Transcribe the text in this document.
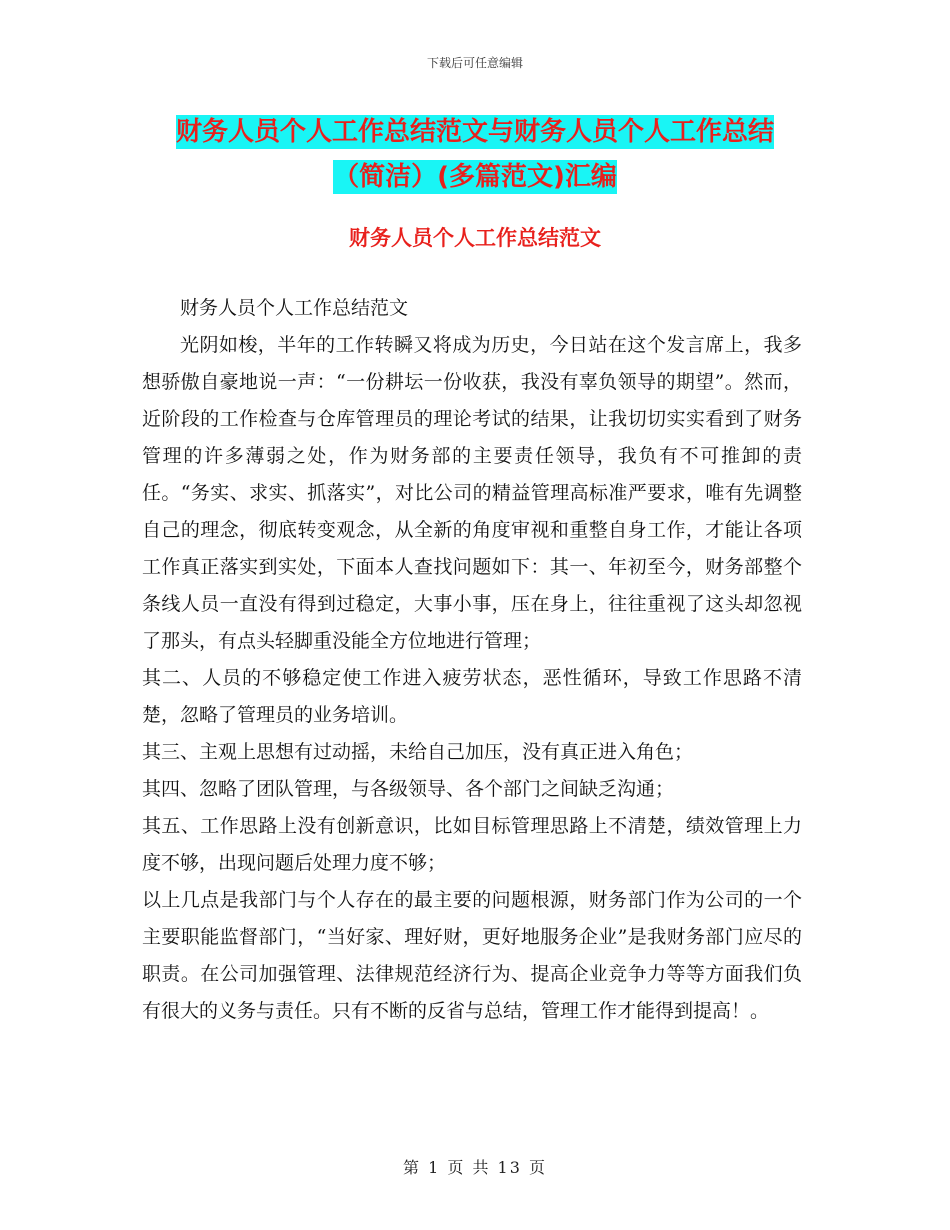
下载后可任意编辑
财务人员个人工作总结范文与财务人员个人工作总结
（简洁）(多篇范文)汇编
财务人员个人工作总结范文

财务人员个人工作总结范文

光阴如梭，半年的工作转瞬又将成为历史，今日站在这个发言席上，我多想骄傲自豪地说一声：“一份耕坛一份收获，我没有辜负领导的期望”。然而，近阶段的工作检查与仓库管理员的理论考试的结果，让我切切实实看到了财务管理的许多薄弱之处，作为财务部的主要责任领导，我负有不可推卸的责任。“务实、求实、抓落实”，对比公司的精益管理高标准严要求，唯有先调整自己的理念，彻底转变观念，从全新的角度审视和重整自身工作，才能让各项工作真正落实到实处，下面本人查找问题如下：其一、年初至今，财务部整个条线人员一直没有得到过稳定，大事小事，压在身上，往往重视了这头却忽视了那头，有点头轻脚重没能全方位地进行管理；

其二、人员的不够稳定使工作进入疲劳状态，恶性循环，导致工作思路不清楚，忽略了管理员的业务培训。

其三、主观上思想有过动摇，未给自己加压，没有真正进入角色；

其四、忽略了团队管理，与各级领导、各个部门之间缺乏沟通；

其五、工作思路上没有创新意识，比如目标管理思路上不清楚，绩效管理上力度不够，出现问题后处理力度不够；

以上几点是我部门与个人存在的最主要的问题根源，财务部门作为公司的一个主要职能监督部门，“当好家、理好财，更好地服务企业”是我财务部门应尽的职责。在公司加强管理、法律规范经济行为、提高企业竞争力等等方面我们负有很大的义务与责任。只有不断的反省与总结，管理工作才能得到提高！。

第 1 页 共 13 页
